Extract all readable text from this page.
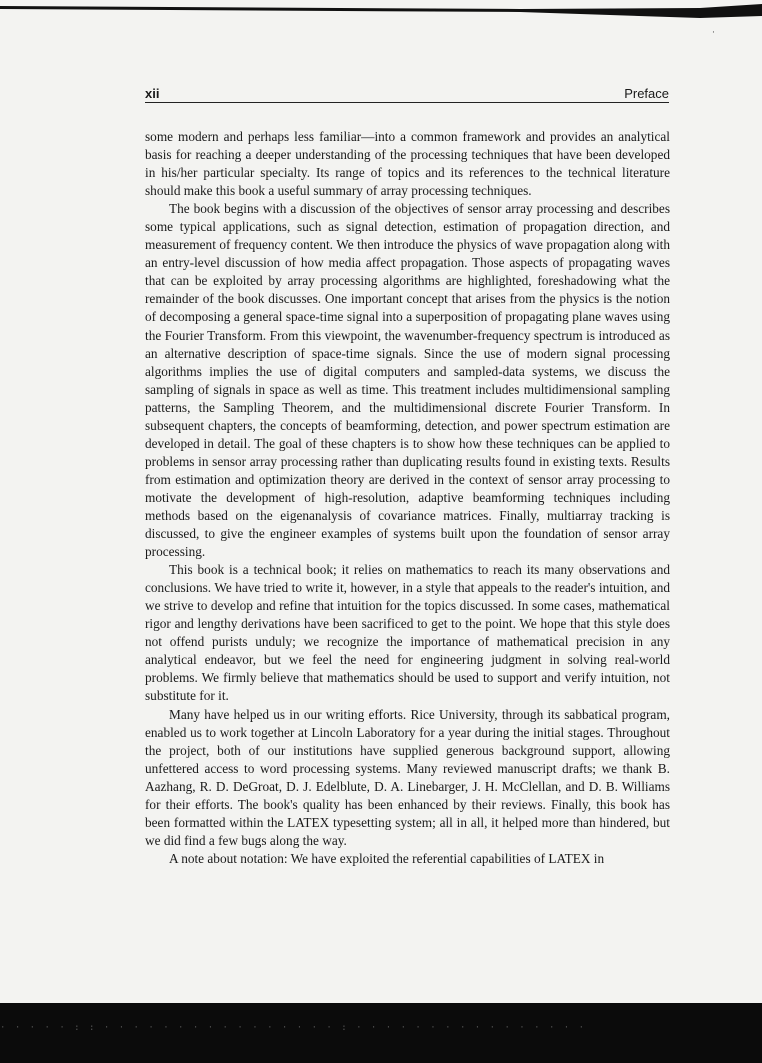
·
xii	Preface

some modern and perhaps less familiar—into a common framework and provides an analytical basis for reaching a deeper understanding of the processing techniques that have been developed in his/her particular specialty. Its range of topics and its references to the technical literature should make this book a useful summary of array processing techniques.

The book begins with a discussion of the objectives of sensor array processing and describes some typical applications, such as signal detection, estimation of propagation direction, and measurement of frequency content. We then introduce the physics of wave propagation along with an entry-level discussion of how media affect propagation. Those aspects of propagating waves that can be exploited by array processing algorithms are highlighted, foreshadowing what the remainder of the book discusses. One important concept that arises from the physics is the notion of decomposing a general space-time signal into a superposition of propagating plane waves using the Fourier Transform. From this viewpoint, the wavenumber-frequency spectrum is introduced as an alternative description of space-time signals. Since the use of modern signal processing algorithms implies the use of digital computers and sampled-data systems, we discuss the sampling of signals in space as well as time. This treatment includes multidimensional sampling patterns, the Sampling Theorem, and the multidimensional discrete Fourier Transform. In subsequent chapters, the concepts of beamforming, detection, and power spectrum estimation are developed in detail. The goal of these chapters is to show how these techniques can be applied to problems in sensor array processing rather than duplicating results found in existing texts. Results from estimation and optimization theory are derived in the context of sensor array processing to motivate the development of high-resolution, adaptive beamforming techniques including methods based on the eigenanalysis of covariance matrices. Finally, multiarray tracking is discussed, to give the engineer examples of systems built upon the foundation of sensor array processing.

This book is a technical book; it relies on mathematics to reach its many observations and conclusions. We have tried to write it, however, in a style that appeals to the reader's intuition, and we strive to develop and refine that intuition for the topics discussed. In some cases, mathematical rigor and lengthy derivations have been sacrificed to get to the point. We hope that this style does not offend purists unduly; we recognize the importance of mathematical precision in any analytical endeavor, but we feel the need for engineering judgment in solving real-world problems. We firmly believe that mathematics should be used to support and verify intuition, not substitute for it.

Many have helped us in our writing efforts. Rice University, through its sabbatical program, enabled us to work together at Lincoln Laboratory for a year during the initial stages. Throughout the project, both of our institutions have supplied generous background support, allowing unfettered access to word processing systems. Many reviewed manuscript drafts; we thank B. Aazhang, R. D. DeGroat, D. J. Edelblute, D. A. Linebarger, J. H. McClellan, and D. B. Williams for their efforts. The book's quality has been enhanced by their reviews. Finally, this book has been formatted within the LATEX typesetting system; all in all, it helped more than hindered, but we did find a few bugs along the way.

A note about notation: We have exploited the referential capabilities of LATEX in

· · · · · : : · · · · · · · · · · · · · · · · : · · · · · · · · · · · · · · · ·
